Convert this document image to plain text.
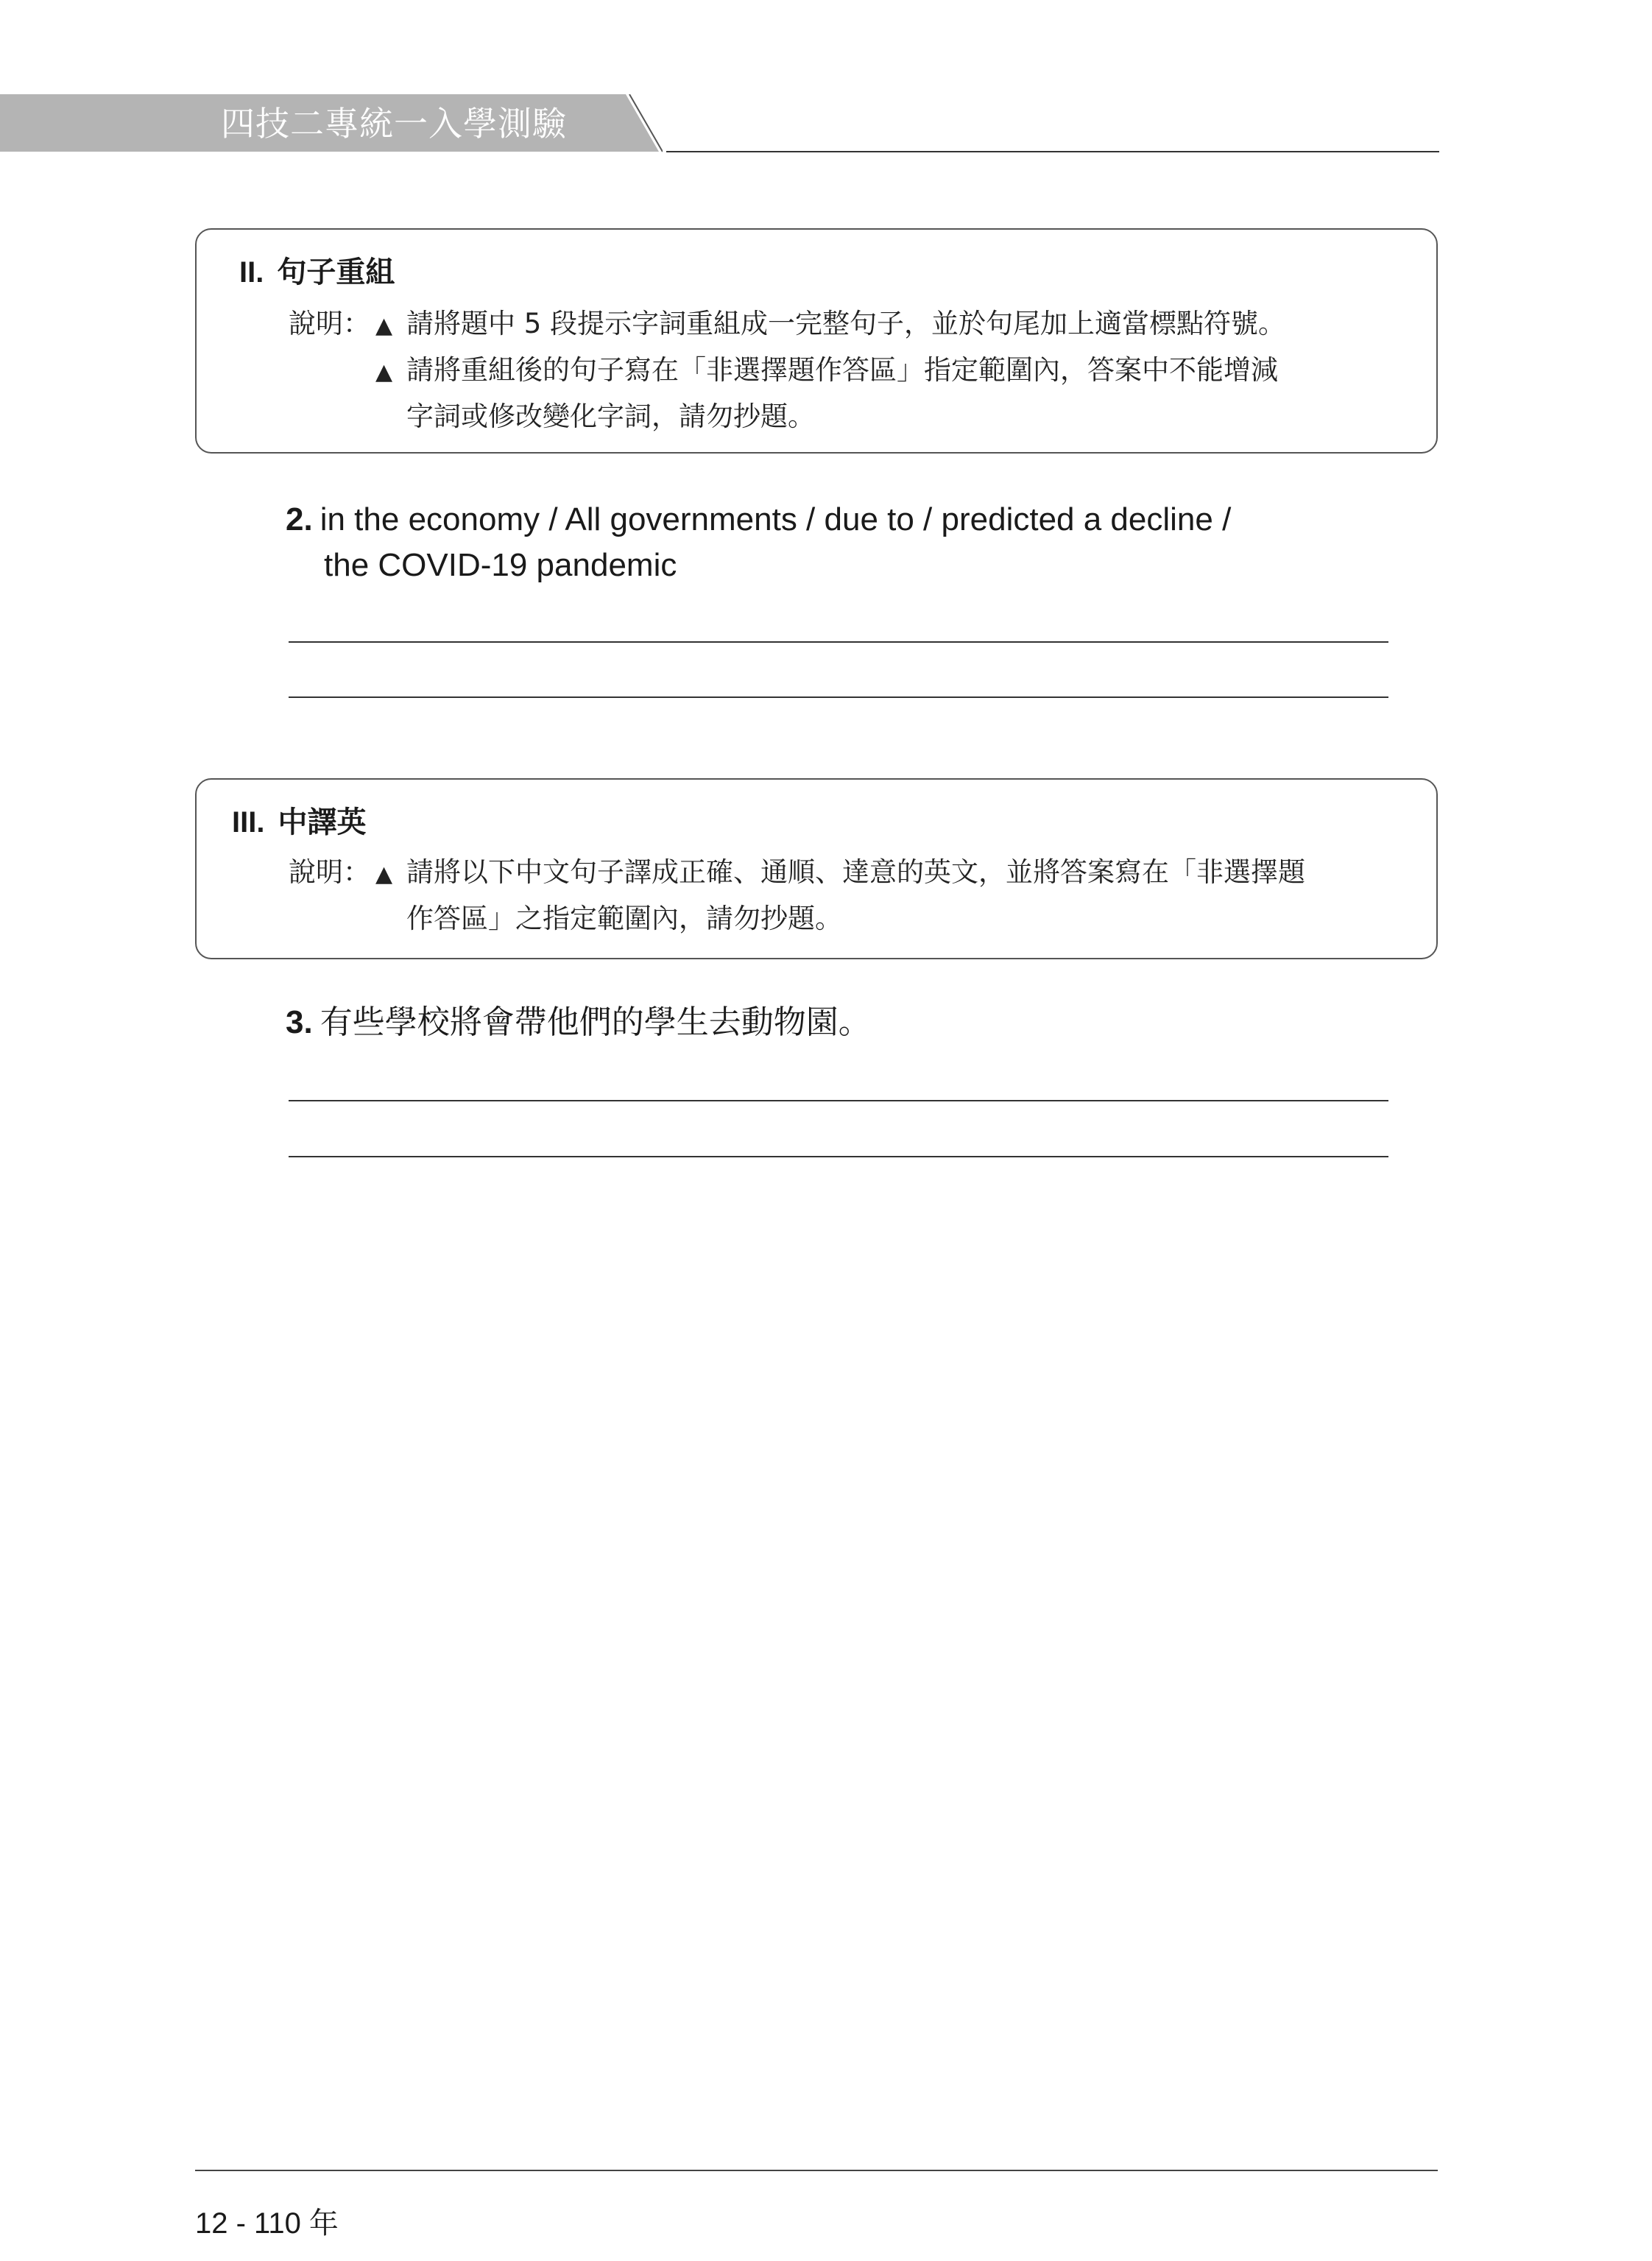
四技二專統一入學測驗
II. 句子重組
說明： ▲ 請將題中 5 段提示字詞重組成一完整句子，並於句尾加上適當標點符號。
▲ 請將重組後的句子寫在「非選擇題作答區」指定範圍內，答案中不能增減
字詞或修改變化字詞，請勿抄題。
2. in the economy / All governments / due to / predicted a decline /
the COVID-19 pandemic
III. 中譯英
說明： ▲ 請將以下中文句子譯成正確、通順、達意的英文，並將答案寫在「非選擇題
作答區」之指定範圍內，請勿抄題。
3. 有些學校將會帶他們的學生去動物園。
12 - 110 年
